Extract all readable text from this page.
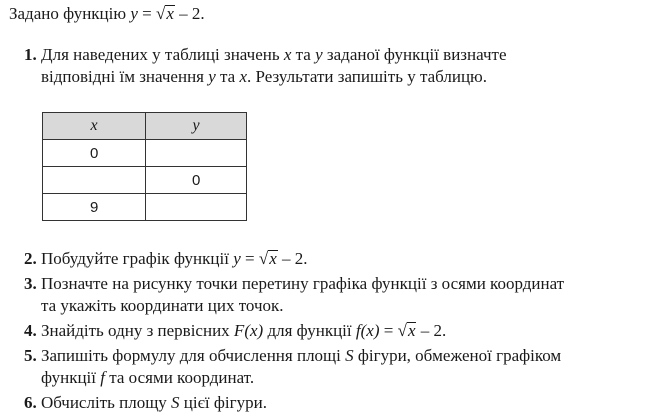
Задано функцію y = √x – 2.
1. Для наведених у таблиці значень x та y заданої функції визначте
відповідні їм значення y та x. Результати запишіть у таблицю.
x	y
0	
	0
9	
2. Побудуйте графік функції y = √x – 2.
3. Позначте на рисунку точки перетину графіка функції з осями координат
та укажіть координати цих точок.
4. Знайдіть одну з первісних F(x) для функції f(x) = √x – 2.
5. Запишіть формулу для обчислення площі S фігури, обмеженої графіком
функції f та осями координат.
6. Обчисліть площу S цієї фігури.
